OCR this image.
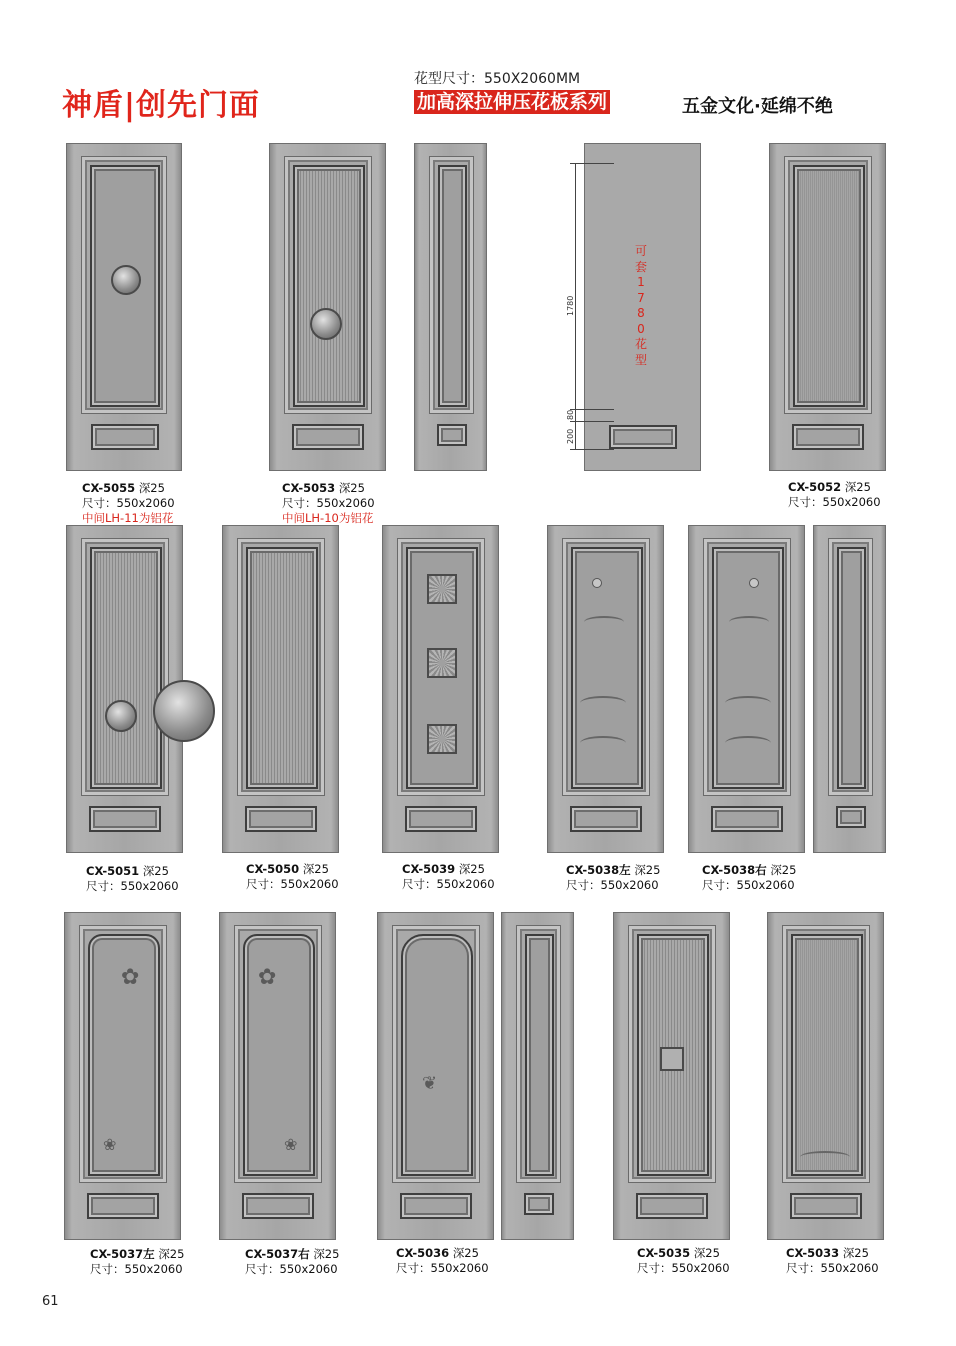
神盾|创先门面
花型尺寸：550X2060MM
加高深拉伸压花板系列	五金文化·延绵不绝
1780
80
200
可套1780花型
CX-5055 深25
尺寸：550x2060
中间LH-11为铝花
CX-5053 深25
尺寸：550x2060
中间LH-10为铝花
CX-5052 深25
尺寸：550x2060
CX-5051 深25
尺寸：550x2060
CX-5050 深25
尺寸：550x2060
CX-5039 深25
尺寸：550x2060
CX-5038左 深25
尺寸：550x2060
CX-5038右 深25
尺寸：550x2060
✿
❀
✿
❀
❦
CX-5037左 深25
尺寸：550x2060
CX-5037右 深25
尺寸：550x2060
CX-5036 深25
尺寸：550x2060
CX-5035 深25
尺寸：550x2060
CX-5033 深25
尺寸：550x2060
61
